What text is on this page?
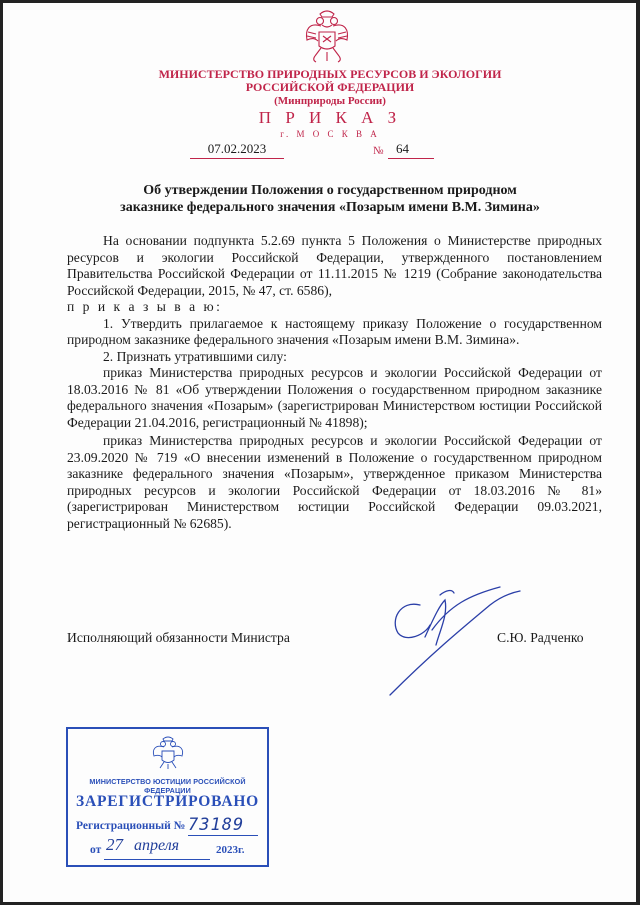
МИНИСТЕРСТВО ПРИРОДНЫХ РЕСУРСОВ И ЭКОЛОГИИ
РОССИЙСКОЙ ФЕДЕРАЦИИ
(Минприроды России)
П Р И К А З
г. М О С К В А
07.02.2023	№ 64
Об утверждении Положения о государственном природном
заказнике федерального значения «Позарым имени В.М. Зимина»

На основании подпункта 5.2.69 пункта 5 Положения о Министерстве природных ресурсов и экологии Российской Федерации, утвержденного постановлением Правительства Российской Федерации от 11.11.2015 № 1219 (Собрание законодательства Российской Федерации, 2015, № 47, ст. 6586),

п р и к а з ы в а ю:

1. Утвердить прилагаемое к настоящему приказу Положение о государственном природном заказнике федерального значения «Позарым имени В.М. Зимина».

2. Признать утратившими силу:

приказ Министерства природных ресурсов и экологии Российской Федерации от 18.03.2016 № 81 «Об утверждении Положения о государственном природном заказнике федерального значения «Позарым» (зарегистрирован Министерством юстиции Российской Федерации 21.04.2016, регистрационный № 41898);

приказ Министерства природных ресурсов и экологии Российской Федерации от 23.09.2020 № 719 «О внесении изменений в Положение о государственном природном заказнике федерального значения «Позарым», утвержденное приказом Министерства природных ресурсов и экологии Российской Федерации от 18.03.2016 № 81» (зарегистрирован Министерством юстиции Российской Федерации 09.03.2021, регистрационный № 62685).

Исполняющий обязанности Министра	С.Ю. Радченко
МИНИСТЕРСТВО ЮСТИЦИИ РОССИЙСКОЙ ФЕДЕРАЦИИ
ЗАРЕГИСТРИРОВАНО
Регистрационный № 73189
от 27 апреля	2023г.
